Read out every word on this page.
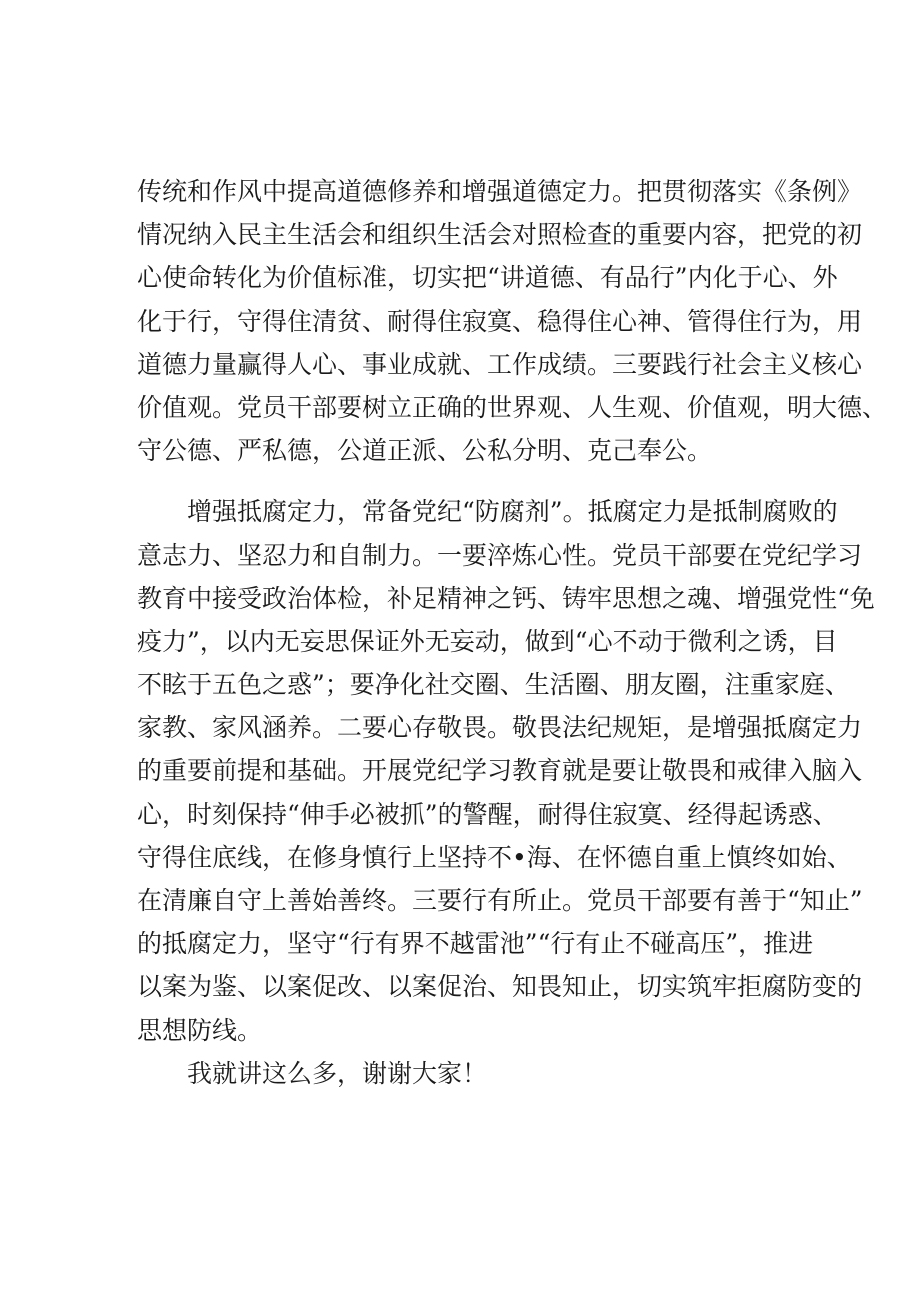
传统和作风中提高道德修养和增强道德定力。把贯彻落实《条例》
情况纳入民主生活会和组织生活会对照检查的重要内容，把党的初
心使命转化为价值标准，切实把“讲道德、有品行”内化于心、外
化于行，守得住清贫、耐得住寂寞、稳得住心神、管得住行为，用
道德力量赢得人心、事业成就、工作成绩。三要践行社会主义核心
价值观。党员干部要树立正确的世界观、人生观、价值观，明大德、
守公德、严私德，公道正派、公私分明、克己奉公。
增强抵腐定力，常备党纪“防腐剂”。抵腐定力是抵制腐败的
意志力、坚忍力和自制力。一要淬炼心性。党员干部要在党纪学习
教育中接受政治体检，补足精神之钙、铸牢思想之魂、增强党性“免
疫力”，以内无妄思保证外无妄动，做到“心不动于微利之诱，目
不眩于五色之惑”；要净化社交圈、生活圈、朋友圈，注重家庭、
家教、家风涵养。二要心存敬畏。敬畏法纪规矩，是增强抵腐定力
的重要前提和基础。开展党纪学习教育就是要让敬畏和戒律入脑入
心，时刻保持“伸手必被抓”的警醒，耐得住寂寞、经得起诱惑、
守得住底线，在修身慎行上坚持不•海、在怀德自重上慎终如始、
在清廉自守上善始善终。三要行有所止。党员干部要有善于“知止”
的抵腐定力，坚守“行有界不越雷池”“行有止不碰高压”，推进
以案为鉴、以案促改、以案促治、知畏知止，切实筑牢拒腐防变的
思想防线。
我就讲这么多，谢谢大家！
